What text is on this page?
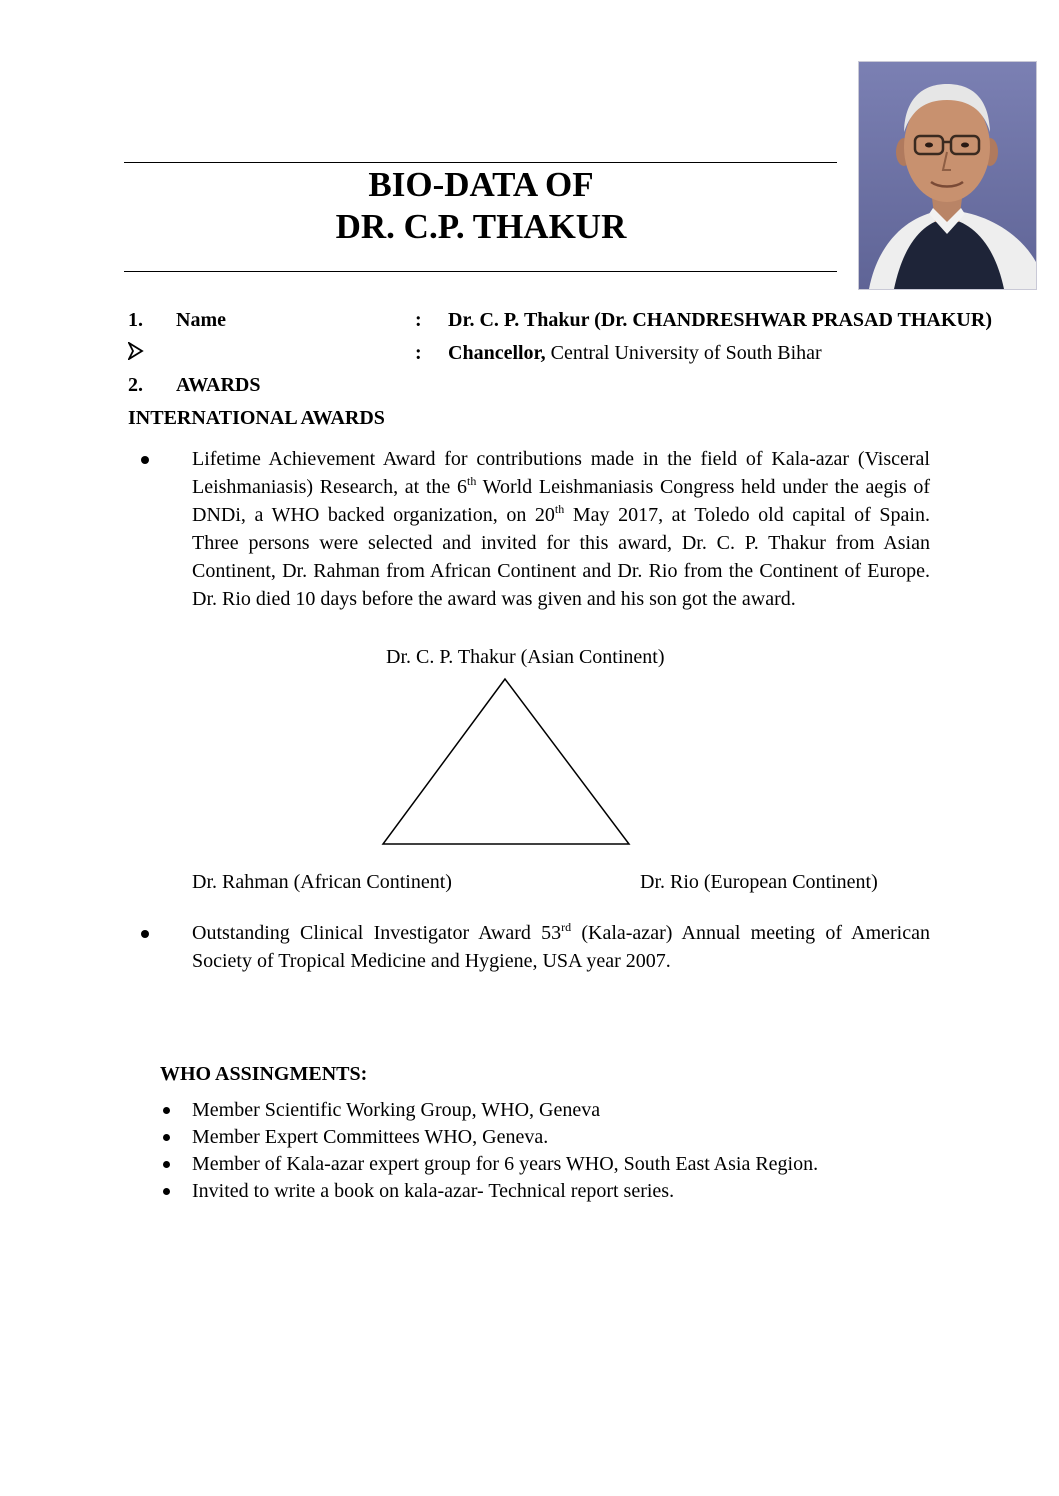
BIO-DATA OF
DR. C.P. THAKUR
1. Name	: Dr. C. P. Thakur (Dr. CHANDRESHWAR PRASAD THAKUR)
: Chancellor, Central University of South Bihar
2. AWARDS
INTERNATIONAL AWARDS
Lifetime Achievement Award for contributions made in the field of Kala-azar (Visceral Leishmaniasis) Research, at the 6th World Leishmaniasis Congress held under the aegis of DNDi, a WHO backed organization, on 20th May 2017, at Toledo old capital of Spain. Three persons were selected and invited for this award, Dr. C. P. Thakur from Asian Continent, Dr. Rahman from African Continent and Dr. Rio from the Continent of Europe. Dr. Rio died 10 days before the award was given and his son got the award.
Dr. C. P. Thakur (Asian Continent)
Dr. Rahman (African Continent)	Dr. Rio (European Continent)
Outstanding Clinical Investigator Award 53rd (Kala-azar) Annual meeting of American Society of Tropical Medicine and Hygiene, USA year 2007.
WHO ASSINGMENTS:
Member Scientific Working Group, WHO, Geneva
Member Expert Committees WHO, Geneva.
Member of Kala-azar expert group for 6 years WHO, South East Asia Region.
Invited to write a book on kala-azar- Technical report series.
